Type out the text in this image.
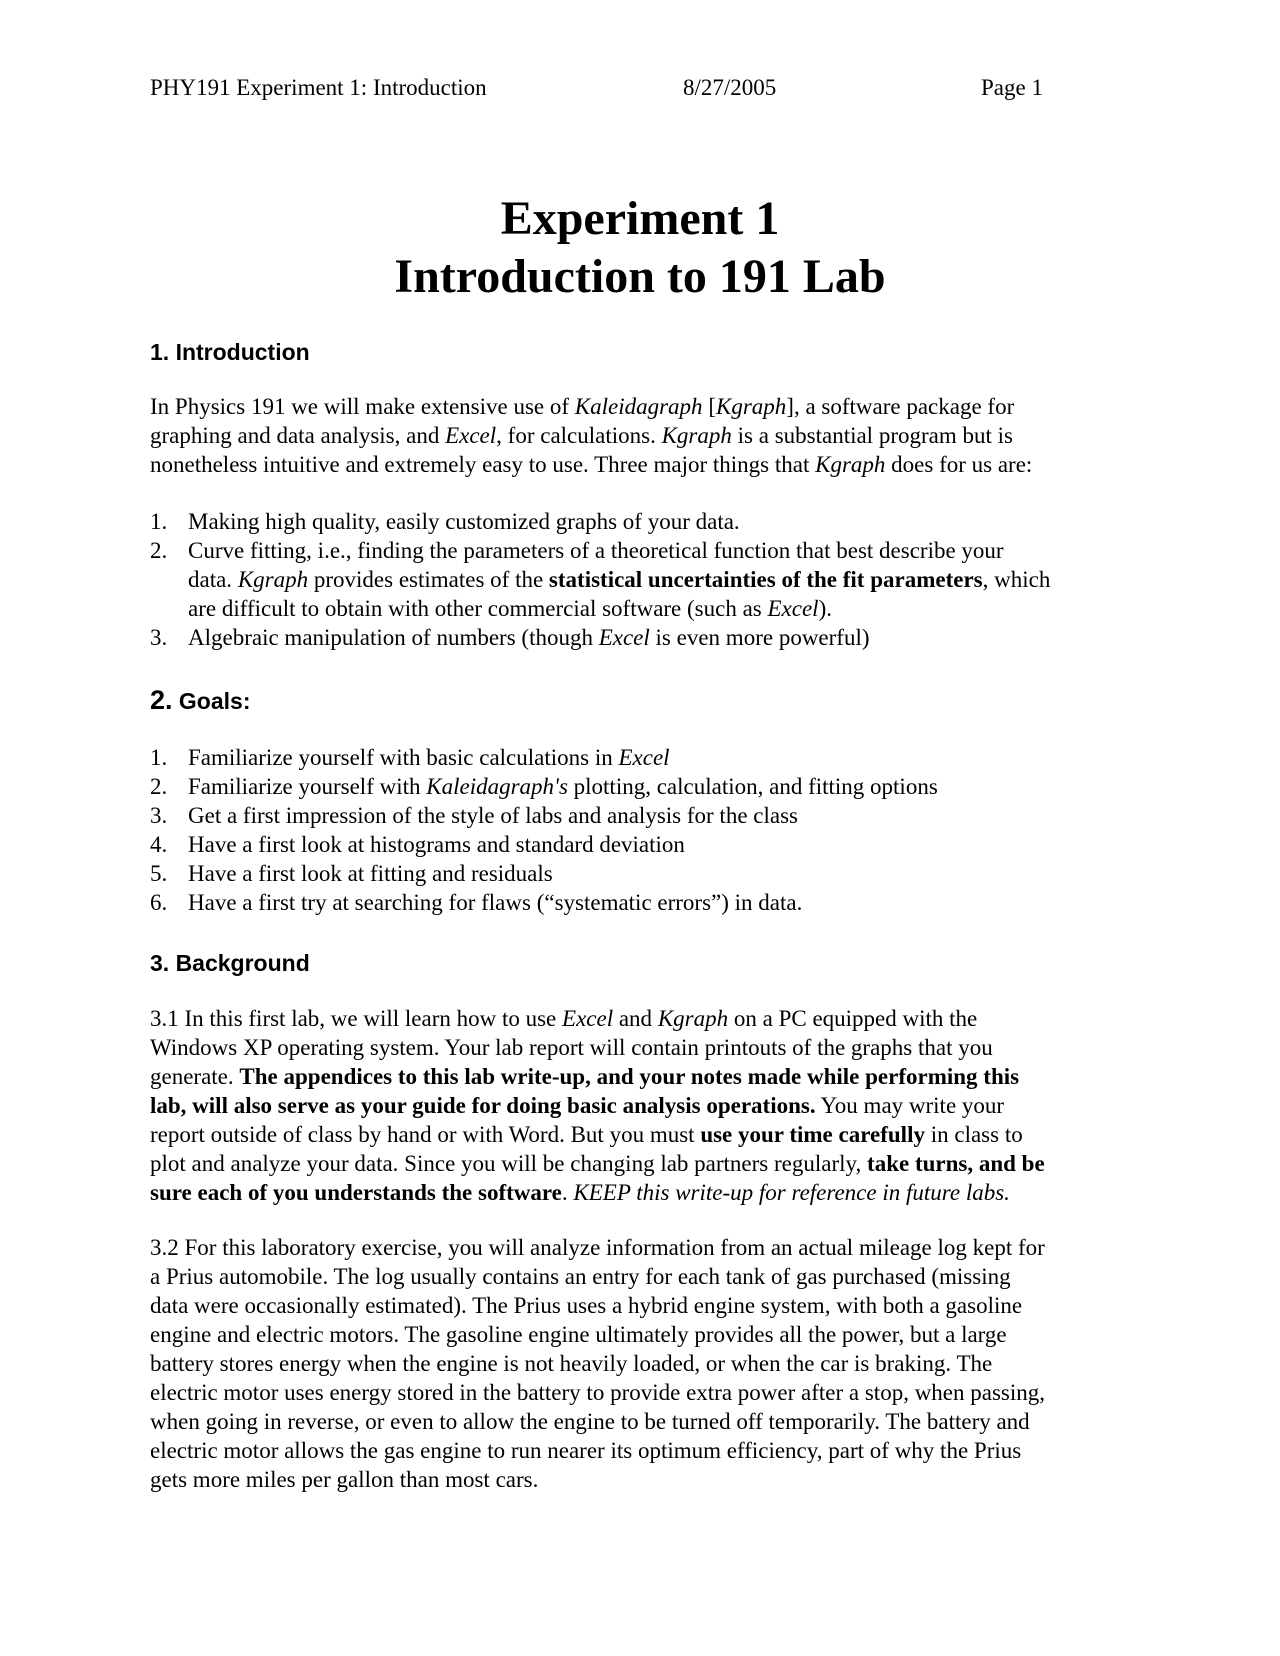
PHY191 Experiment 1: Introduction	8/27/2005	Page 1
Experiment 1
Introduction to 191 Lab
1. Introduction
In Physics 191 we will make extensive use of Kaleidagraph [Kgraph], a software package for
graphing and data analysis, and Excel, for calculations. Kgraph is a substantial program but is
nonetheless intuitive and extremely easy to use. Three major things that Kgraph does for us are:
1. Making high quality, easily customized graphs of your data.
2. Curve fitting, i.e., finding the parameters of a theoretical function that best describe your
data. Kgraph provides estimates of the statistical uncertainties of the fit parameters, which
are difficult to obtain with other commercial software (such as Excel).
3. Algebraic manipulation of numbers (though Excel is even more powerful)
2. Goals:
1. Familiarize yourself with basic calculations in Excel
2. Familiarize yourself with Kaleidagraph's plotting, calculation, and fitting options
3. Get a first impression of the style of labs and analysis for the class
4. Have a first look at histograms and standard deviation
5. Have a first look at fitting and residuals
6. Have a first try at searching for flaws (“systematic errors”) in data.
3. Background
3.1 In this first lab, we will learn how to use Excel and Kgraph on a PC equipped with the
Windows XP operating system. Your lab report will contain printouts of the graphs that you
generate. The appendices to this lab write-up, and your notes made while performing this
lab, will also serve as your guide for doing basic analysis operations. You may write your
report outside of class by hand or with Word. But you must use your time carefully in class to
plot and analyze your data. Since you will be changing lab partners regularly, take turns, and be
sure each of you understands the software. KEEP this write-up for reference in future labs.
3.2 For this laboratory exercise, you will analyze information from an actual mileage log kept for
a Prius automobile. The log usually contains an entry for each tank of gas purchased (missing
data were occasionally estimated). The Prius uses a hybrid engine system, with both a gasoline
engine and electric motors. The gasoline engine ultimately provides all the power, but a large
battery stores energy when the engine is not heavily loaded, or when the car is braking. The
electric motor uses energy stored in the battery to provide extra power after a stop, when passing,
when going in reverse, or even to allow the engine to be turned off temporarily. The battery and
electric motor allows the gas engine to run nearer its optimum efficiency, part of why the Prius
gets more miles per gallon than most cars.
